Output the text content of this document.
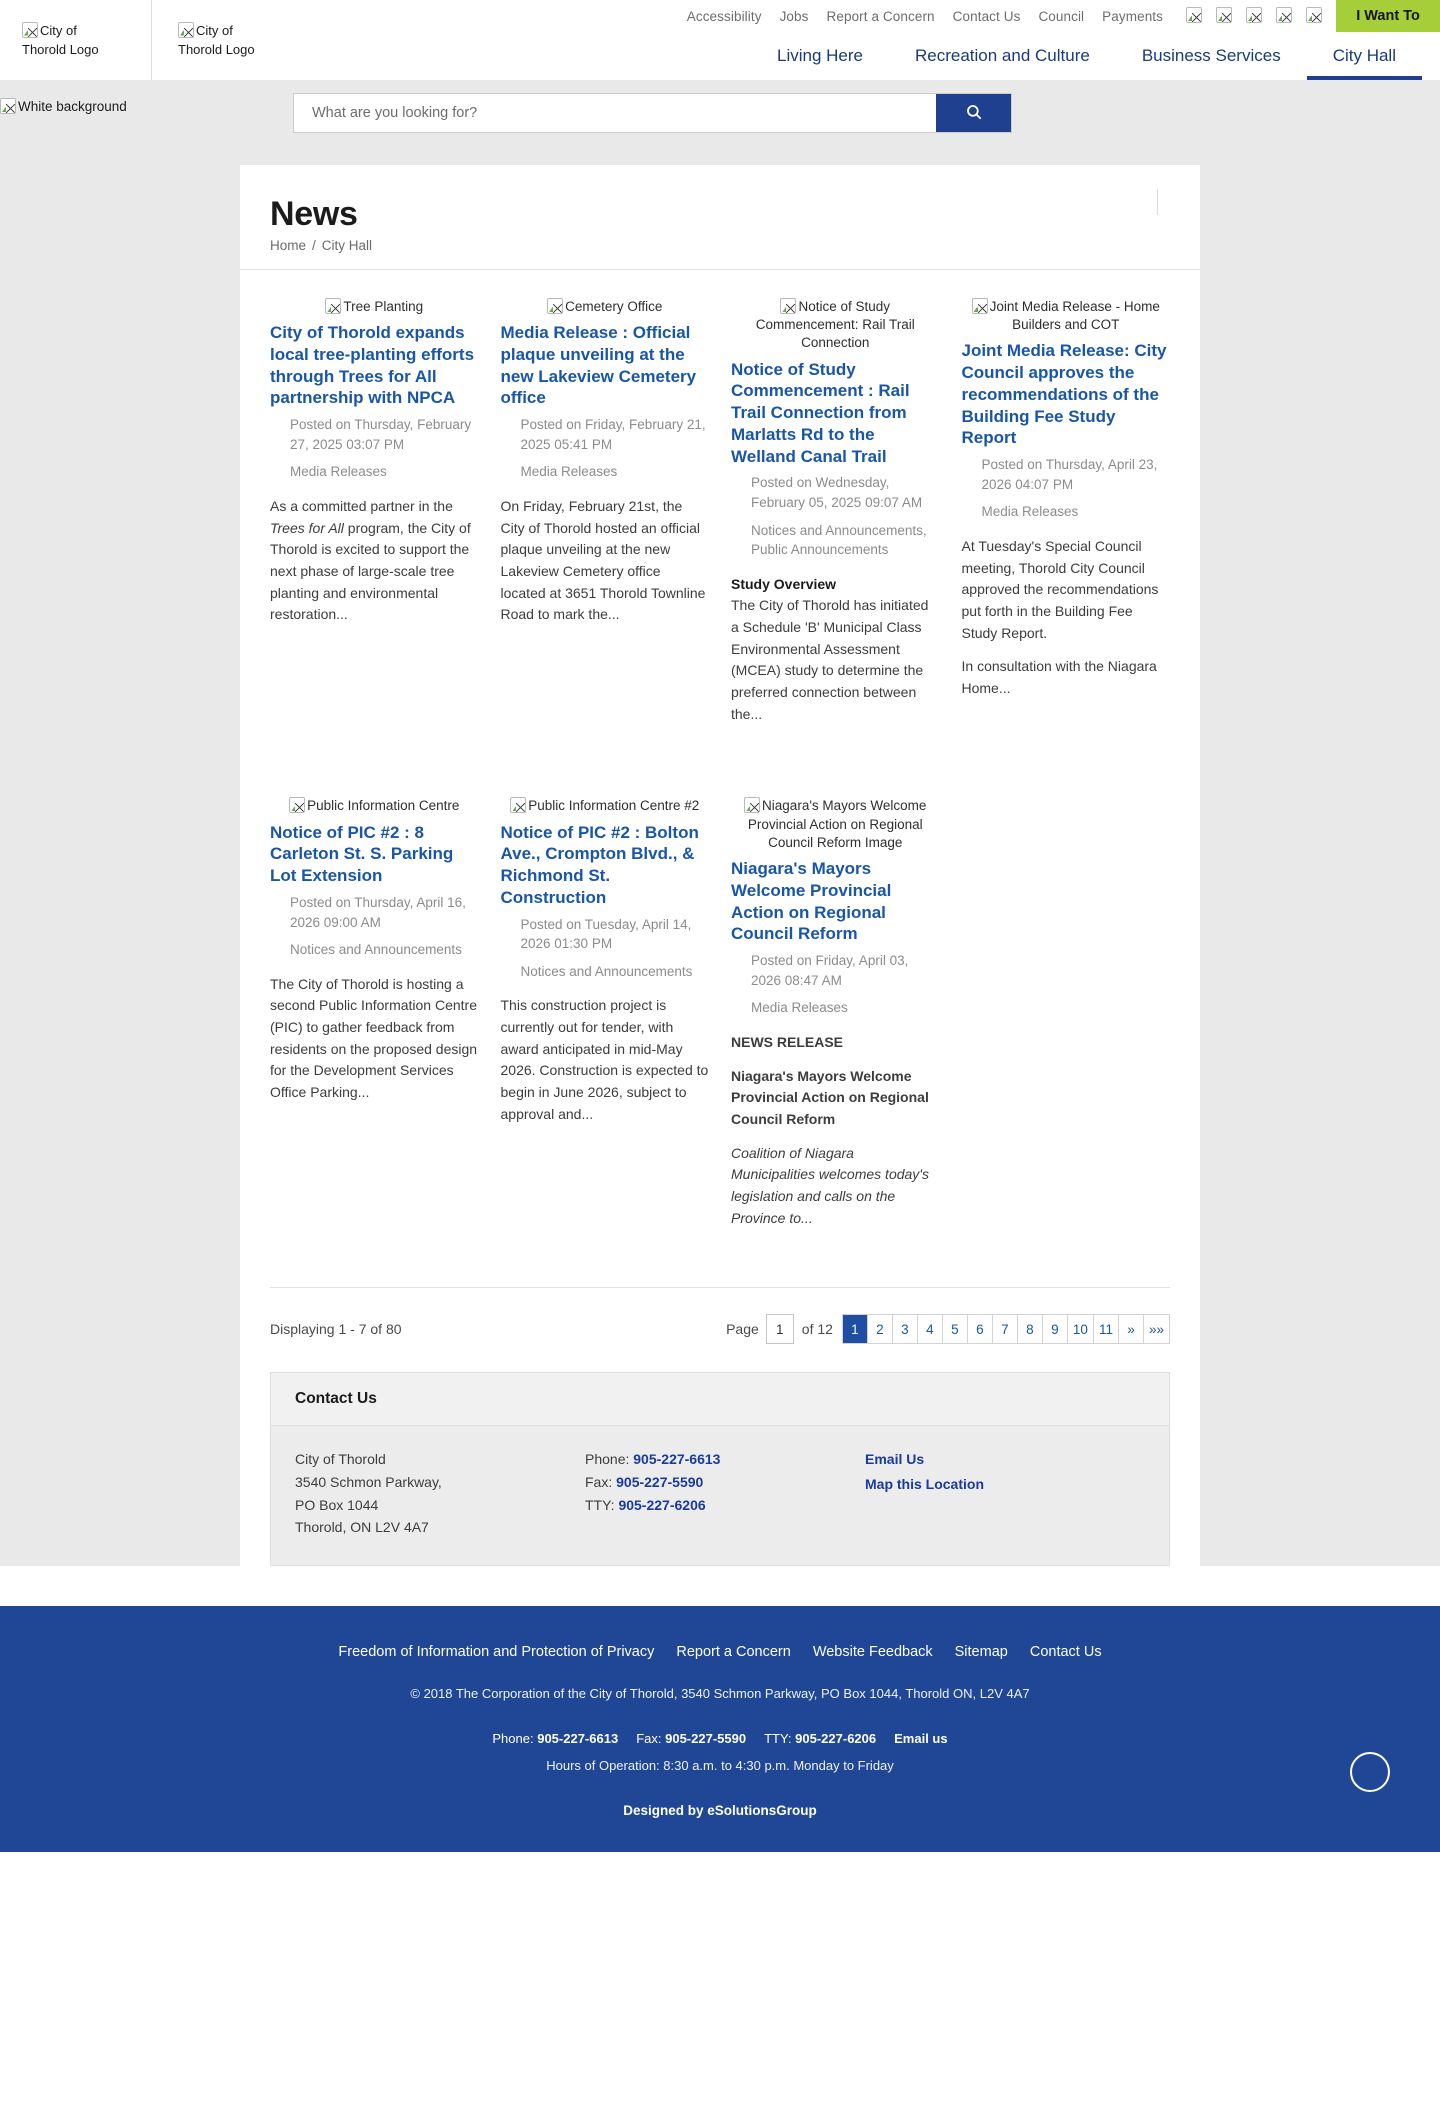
City of Thorold Logo
City of Thorold Logo
Accessibility	Jobs	Report a Concern	Contact Us	Council	Payments	I Want To
Living Here	Recreation and Culture	Business Services	City Hall
White background
What are you looking for?
News
Home / City Hall
Tree Planting
City of Thorold expands local tree-planting efforts through Trees for All partnership with NPCA
Posted on Thursday, February 27, 2025 03:07 PM
Media Releases

As a committed partner in the Trees for All program, the City of Thorold is excited to support the next phase of large-scale tree planting and environmental restoration...

Cemetery Office
Media Release : Official plaque unveiling at the new Lakeview Cemetery office
Posted on Friday, February 21, 2025 05:41 PM
Media Releases

On Friday, February 21st, the City of Thorold hosted an official plaque unveiling at the new Lakeview Cemetery office located at 3651 Thorold Townline Road to mark the...

Notice of Study Commencement: Rail Trail Connection
Notice of Study Commencement : Rail Trail Connection from Marlatts Rd to the Welland Canal Trail
Posted on Wednesday, February 05, 2025 09:07 AM
Notices and Announcements,
Public Announcements
Study Overview

The City of Thorold has initiated a Schedule 'B' Municipal Class Environmental Assessment (MCEA) study to determine the preferred connection between the...

Joint Media Release - Home Builders and COT
Joint Media Release: City Council approves the recommendations of the Building Fee Study Report
Posted on Thursday, April 23, 2026 04:07 PM
Media Releases

At Tuesday's Special Council meeting, Thorold City Council approved the recommendations put forth in the Building Fee Study Report.

In consultation with the Niagara Home...

Public Information Centre
Notice of PIC #2 : 8 Carleton St. S. Parking Lot Extension
Posted on Thursday, April 16, 2026 09:00 AM
Notices and Announcements

The City of Thorold is hosting a second Public Information Centre (PIC) to gather feedback from residents on the proposed design for the Development Services Office Parking...

Public Information Centre #2
Notice of PIC #2 : Bolton Ave., Crompton Blvd., & Richmond St. Construction
Posted on Tuesday, April 14, 2026 01:30 PM
Notices and Announcements

This construction project is currently out for tender, with award anticipated in mid-May 2026. Construction is expected to begin in June 2026, subject to approval and...

Niagara's Mayors Welcome Provincial Action on Regional Council Reform Image
Niagara's Mayors Welcome Provincial Action on Regional Council Reform
Posted on Friday, April 03, 2026 08:47 AM
Media Releases

NEWS RELEASE

Niagara's Mayors Welcome Provincial Action on Regional Council Reform

Coalition of Niagara Municipalities welcomes today's legislation and calls on the Province to...

Displaying 1 - 7 of 80	Page
1	of 12	1	2	3	4	5	6	7	8	9	10 11	»	»»
Contact Us
City of Thorold
3540 Schmon Parkway,
PO Box 1044
Thorold, ON L2V 4A7
Phone: 905-227-6613
Fax: 905-227-5590
TTY: 905-227-6206
Email Us
Map this Location
Freedom of Information and Protection of Privacy	Report a Concern	Website Feedback	Sitemap	Contact Us
© 2018 The Corporation of the City of Thorold, 3540 Schmon Parkway, PO Box 1044, Thorold ON, L2V 4A7
Phone: 905-227-6613 Fax: 905-227-5590 TTY: 905-227-6206 Email us
Hours of Operation: 8:30 a.m. to 4:30 p.m. Monday to Friday
Designed by eSolutionsGroup
